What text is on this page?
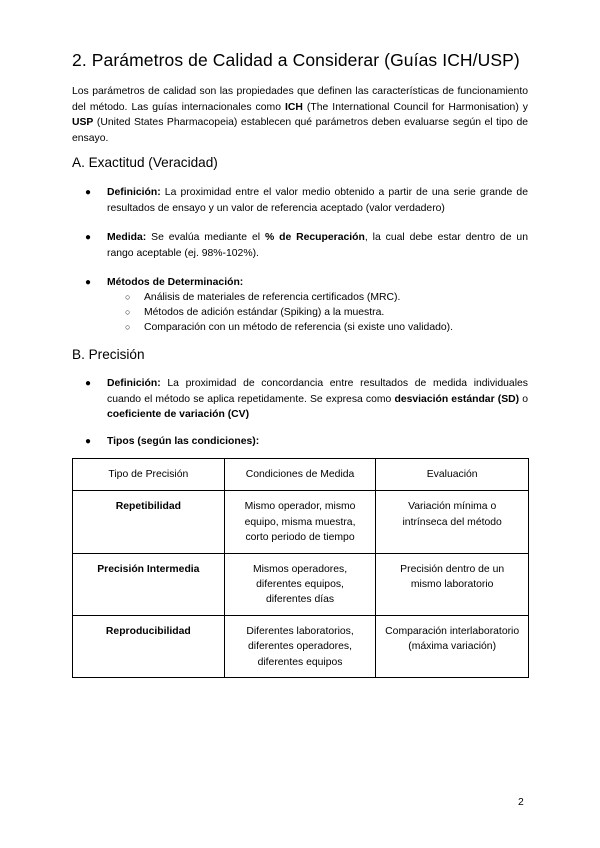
2. Parámetros de Calidad a Considerar (Guías ICH/USP)

Los parámetros de calidad son las propiedades que definen las características de funcionamiento del método. Las guías internacionales como ICH (The International Council for Harmonisation) y USP (United States Pharmacopeia) establecen qué parámetros deben evaluarse según el tipo de ensayo.

A. Exactitud (Veracidad)
●	Definición: La proximidad entre el valor medio obtenido a partir de una serie grande de resultados de ensayo y un valor de referencia aceptado (valor verdadero)

●	Medida: Se evalúa mediante el % de Recuperación, la cual debe estar dentro de un rango aceptable (ej. 98%-102%).

●	Métodos de Determinación:

○ Análisis de materiales de referencia certificados (MRC).

○ Métodos de adición estándar (Spiking) a la muestra.

○ Comparación con un método de referencia (si existe uno validado).

B. Precisión
●	Definición: La proximidad de concordancia entre resultados de medida individuales cuando el método se aplica repetidamente. Se expresa como desviación estándar (SD) o coeficiente de variación (CV)

●	Tipos (según las condiciones):

Tipo de Precisión	Condiciones de Medida	Evaluación
Repetibilidad	Mismo operador, mismo equipo, misma muestra, corto periodo de tiempo	Variación mínima o intrínseca del método
Precisión Intermedia	Mismos operadores, diferentes equipos, diferentes días	Precisión dentro de un mismo laboratorio
Reproducibilidad	Diferentes laboratorios, diferentes operadores, diferentes equipos	Comparación interlaboratorio (máxima variación)
2
